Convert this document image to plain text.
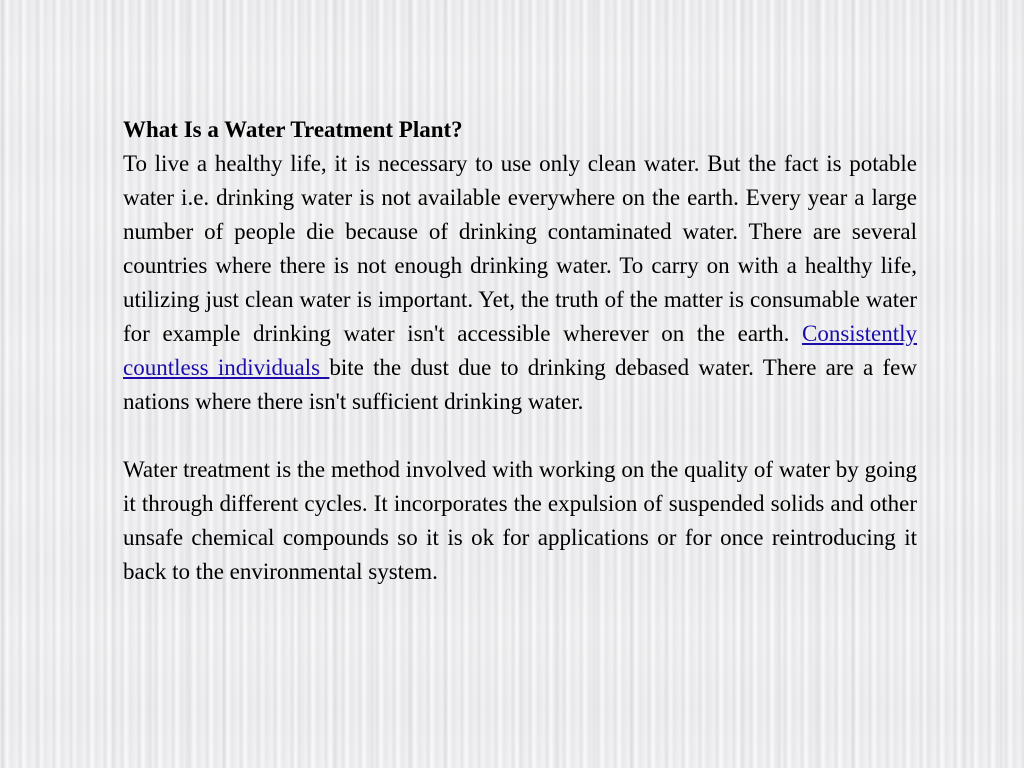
What Is a Water Treatment Plant?

To live a healthy life, it is necessary to use only clean water. But the fact is potable water i.e. drinking water is not available everywhere on the earth. Every year a large number of people die because of drinking contaminated water. There are several countries where there is not enough drinking water. To carry on with a healthy life, utilizing just clean water is important. Yet, the truth of the matter is consumable water for example drinking water isn't accessible wherever on the earth. Consistently countless individuals bite the dust due to drinking debased water. There are a few nations where there isn't sufficient drinking water.

Water treatment is the method involved with working on the quality of water by going it through different cycles. It incorporates the expulsion of suspended solids and other unsafe chemical compounds so it is ok for applications or for once reintroducing it back to the environmental system.
